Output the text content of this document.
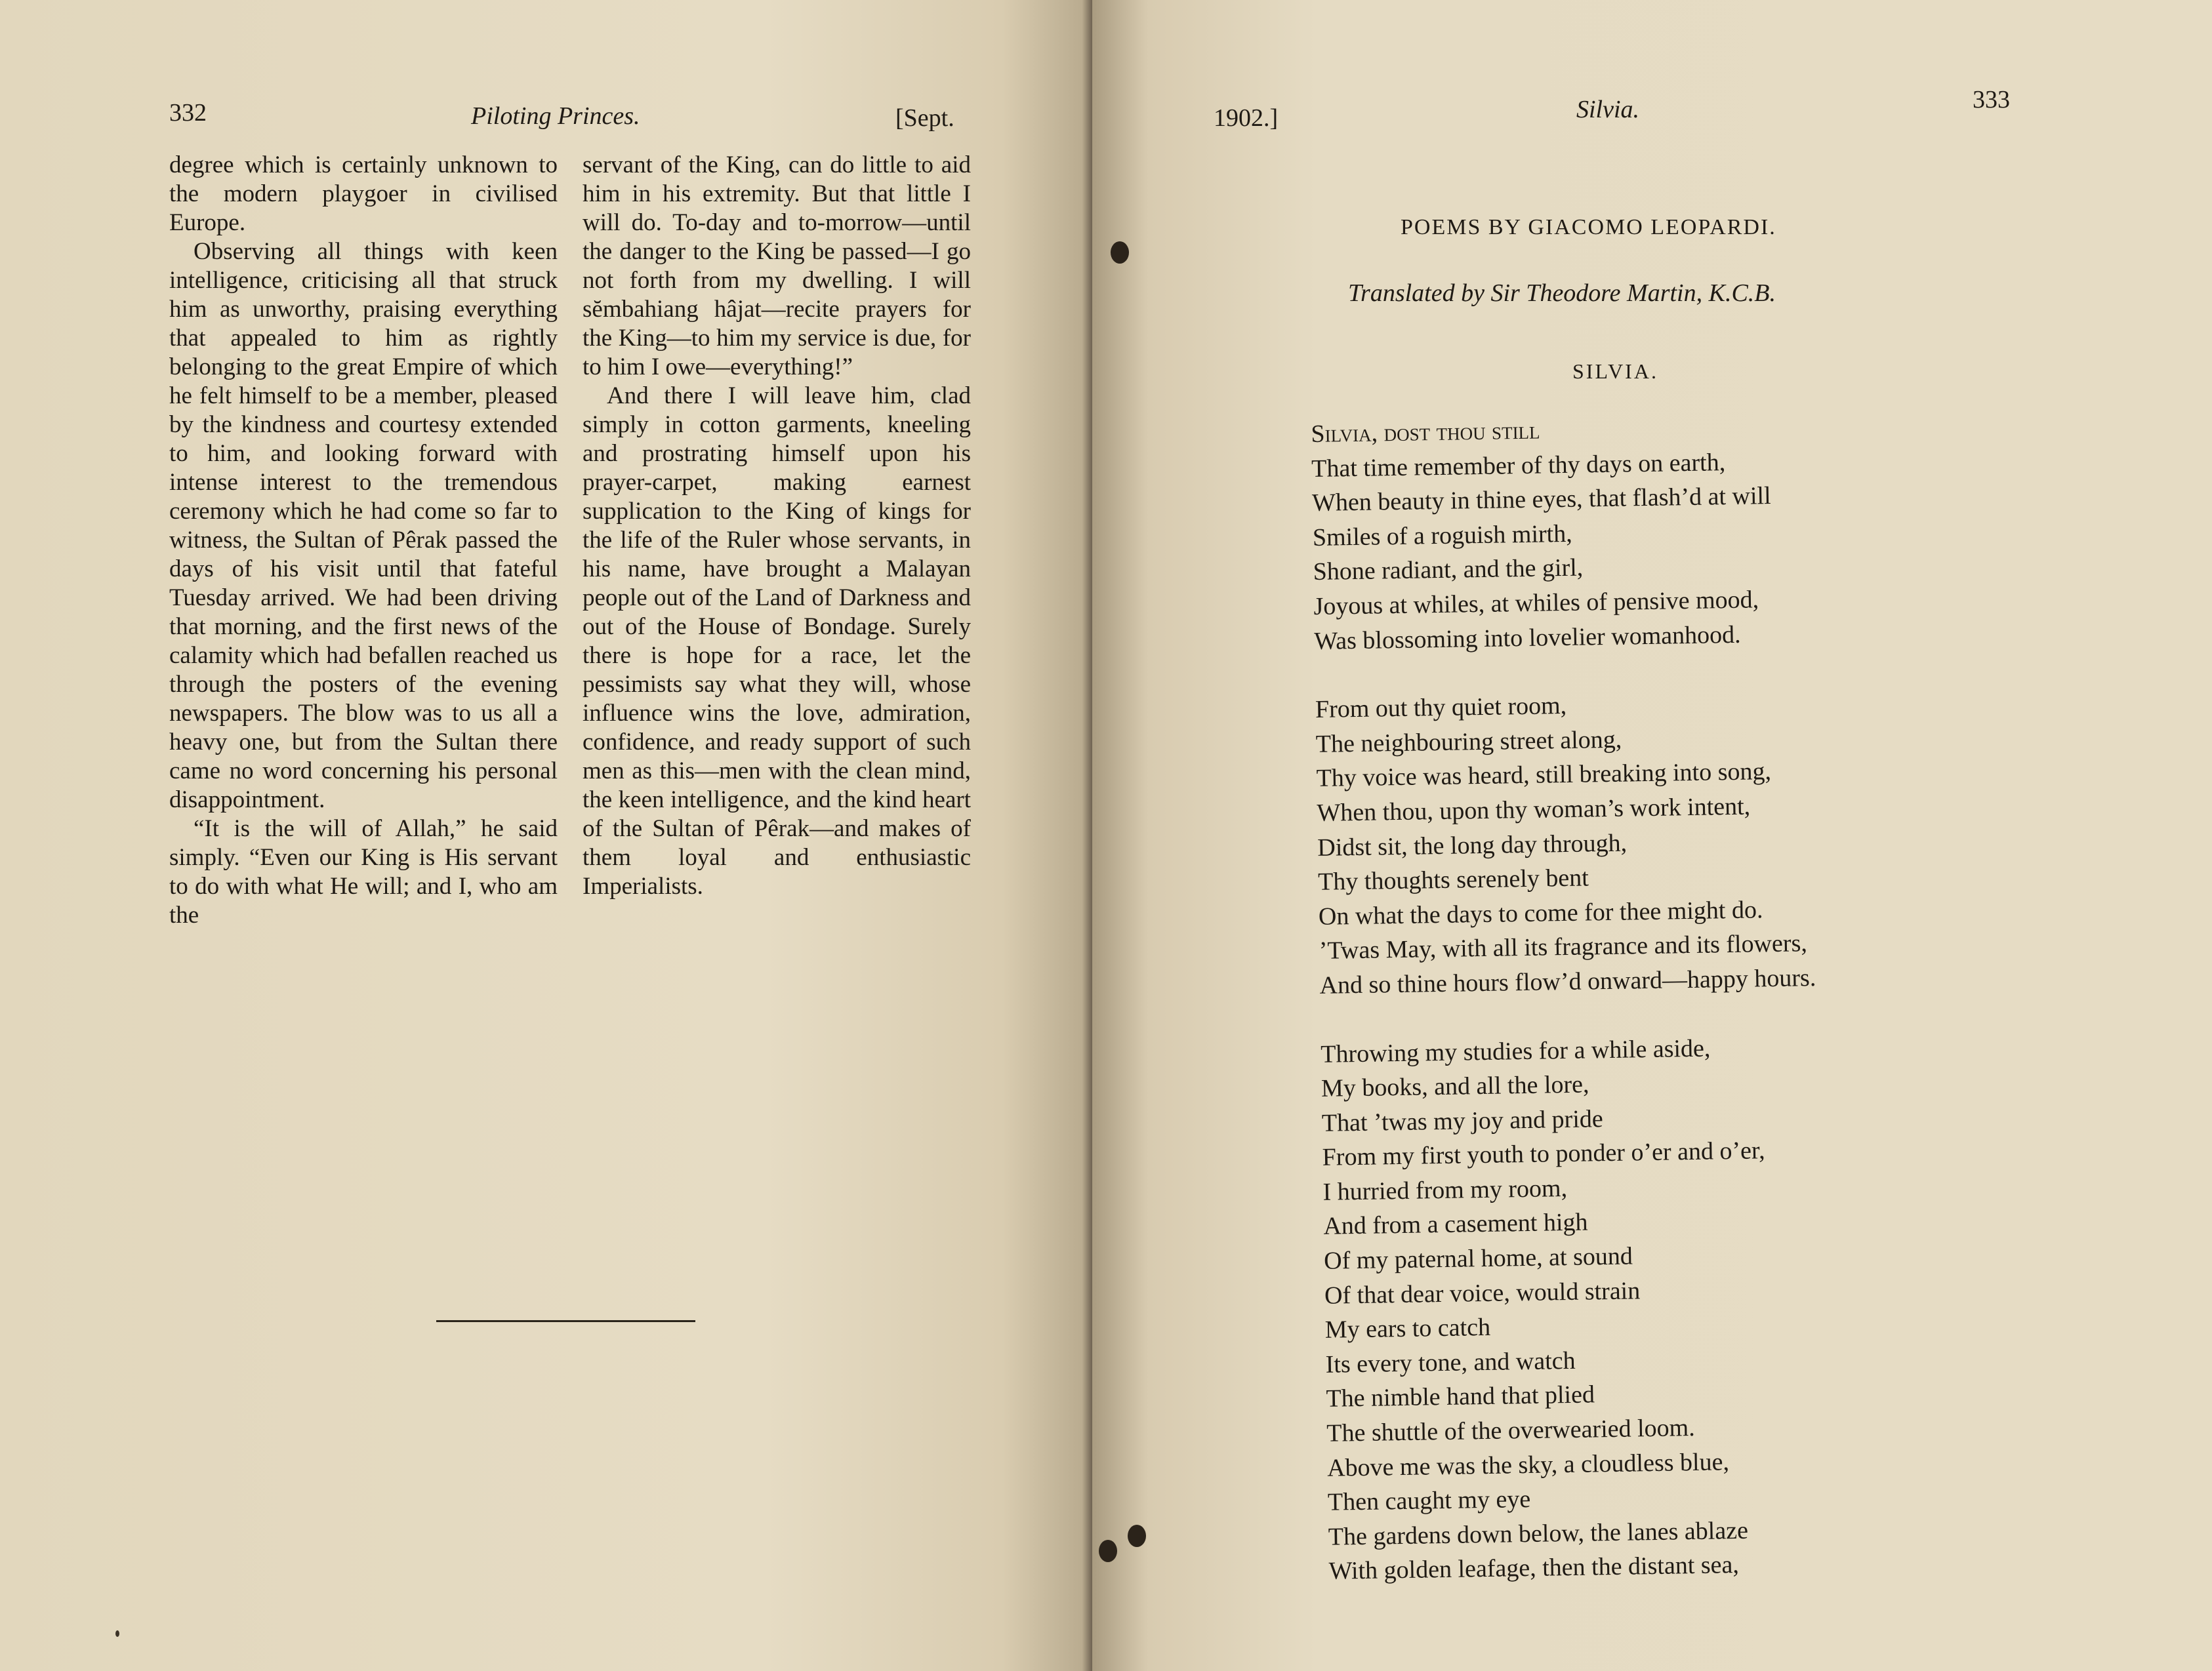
332	Piloting Princes.	[Sept.

degree which is certainly unknown to the modern playgoer in civilised Europe.

Observing all things with keen intelligence, criticising all that struck him as unworthy, praising everything that appealed to him as rightly belonging to the great Empire of which he felt himself to be a member, pleased by the kindness and courtesy extended to him, and looking forward with intense interest to the tremendous ceremony which he had come so far to witness, the Sultan of Pêrak passed the days of his visit until that fateful Tuesday arrived. We had been driving that morning, and the first news of the calamity which had befallen reached us through the posters of the evening newspapers. The blow was to us all a heavy one, but from the Sultan there came no word concerning his personal disappointment.

“It is the will of Allah,” he said simply. “Even our King is His servant to do with what He will; and I, who am the

servant of the King, can do little to aid him in his extremity. But that little I will do. To-day and to-morrow—until the danger to the King be passed—I go not forth from my dwelling. I will sĕmbahiang hâjat—recite prayers for the King—to him my service is due, for to him I owe—everything!”

And there I will leave him, clad simply in cotton garments, kneeling and prostrating himself upon his prayer-carpet, making earnest supplication to the King of kings for the life of the Ruler whose servants, in his name, have brought a Malayan people out of the Land of Darkness and out of the House of Bondage. Surely there is hope for a race, let the pessimists say what they will, whose influence wins the love, admiration, confidence, and ready support of such men as this—men with the clean mind, the keen intelligence, and the kind heart of the Sultan of Pêrak—and makes of them loyal and enthusiastic Imperialists.

1902.]	Silvia.	333
POEMS BY GIACOMO LEOPARDI.
Translated by Sir Theodore Martin, K.C.B.
SILVIA.
Silvia, dost thou still
That time remember of thy days on earth,
When beauty in thine eyes, that flash’d at will
Smiles of a roguish mirth,
Shone radiant, and the girl,
Joyous at whiles, at whiles of pensive mood,
Was blossoming into lovelier womanhood.
From out thy quiet room,
The neighbouring street along,
Thy voice was heard, still breaking into song,
When thou, upon thy woman’s work intent,
Didst sit, the long day through,
Thy thoughts serenely bent
On what the days to come for thee might do.
’Twas May, with all its fragrance and its flowers,
And so thine hours flow’d onward—happy hours.
Throwing my studies for a while aside,
My books, and all the lore,
That ’twas my joy and pride
From my first youth to ponder o’er and o’er,
I hurried from my room,
And from a casement high
Of my paternal home, at sound
Of that dear voice, would strain
My ears to catch
Its every tone, and watch
The nimble hand that plied
The shuttle of the overwearied loom.
Above me was the sky, a cloudless blue,
Then caught my eye
The gardens down below, the lanes ablaze
With golden leafage, then the distant sea,
